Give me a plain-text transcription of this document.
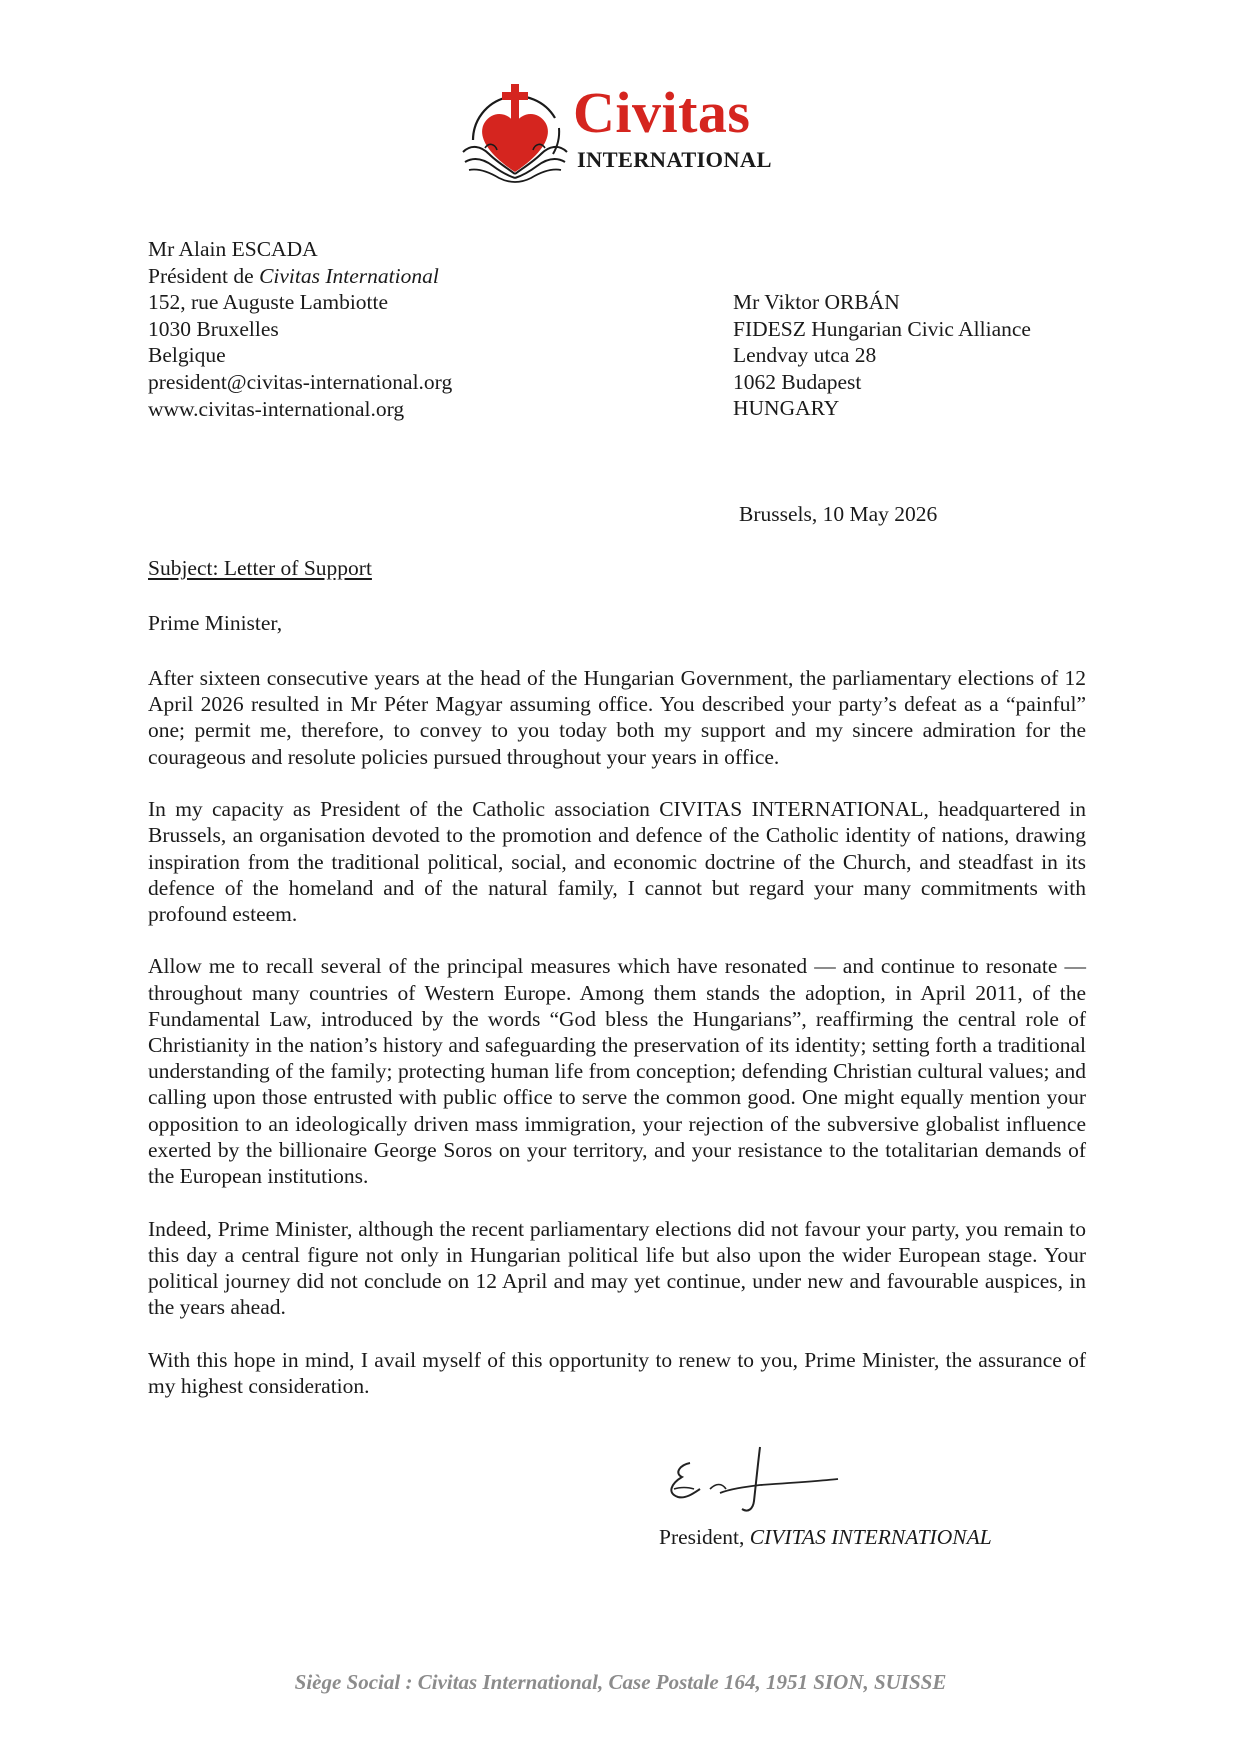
Civitas
INTERNATIONAL
Mr Alain ESCADA
Président de Civitas International
152, rue Auguste Lambiotte
1030 Bruxelles
Belgique
president@civitas-international.org
www.civitas-international.org
Mr Viktor ORBÁN
FIDESZ Hungarian Civic Alliance
Lendvay utca 28
1062 Budapest
HUNGARY
Brussels, 10 May 2026
Subject: Letter of Support
Prime Minister,

After sixteen consecutive years at the head of the Hungarian Government, the parliamentary elections of 12 April 2026 resulted in Mr Péter Magyar assuming office. You described your party’s defeat as a “painful” one; permit me, therefore, to convey to you today both my support and my sincere admiration for the courageous and resolute policies pursued throughout your years in office.

In my capacity as President of the Catholic association CIVITAS INTERNATIONAL, headquartered in Brussels, an organisation devoted to the promotion and defence of the Catholic identity of nations, drawing inspiration from the traditional political, social, and economic doctrine of the Church, and steadfast in its defence of the homeland and of the natural family, I cannot but regard your many commitments with profound esteem.

Allow me to recall several of the principal measures which have resonated — and continue to resonate — throughout many countries of Western Europe. Among them stands the adoption, in April 2011, of the Fundamental Law, introduced by the words “God bless the Hungarians”, reaffirming the central role of Christianity in the nation’s history and safeguarding the preservation of its identity; setting forth a traditional understanding of the family; protecting human life from conception; defending Christian cultural values; and calling upon those entrusted with public office to serve the common good. One might equally mention your opposition to an ideologically driven mass immigration, your rejection of the subversive globalist influence exerted by the billionaire George Soros on your territory, and your resistance to the totalitarian demands of the European institutions.

Indeed, Prime Minister, although the recent parliamentary elections did not favour your party, you remain to this day a central figure not only in Hungarian political life but also upon the wider European stage. Your political journey did not conclude on 12 April and may yet continue, under new and favourable auspices, in the years ahead.

With this hope in mind, I avail myself of this opportunity to renew to you, Prime Minister, the assurance of my highest consideration.

President, CIVITAS INTERNATIONAL
Siège Social : Civitas International, Case Postale 164, 1951 SION, SUISSE
